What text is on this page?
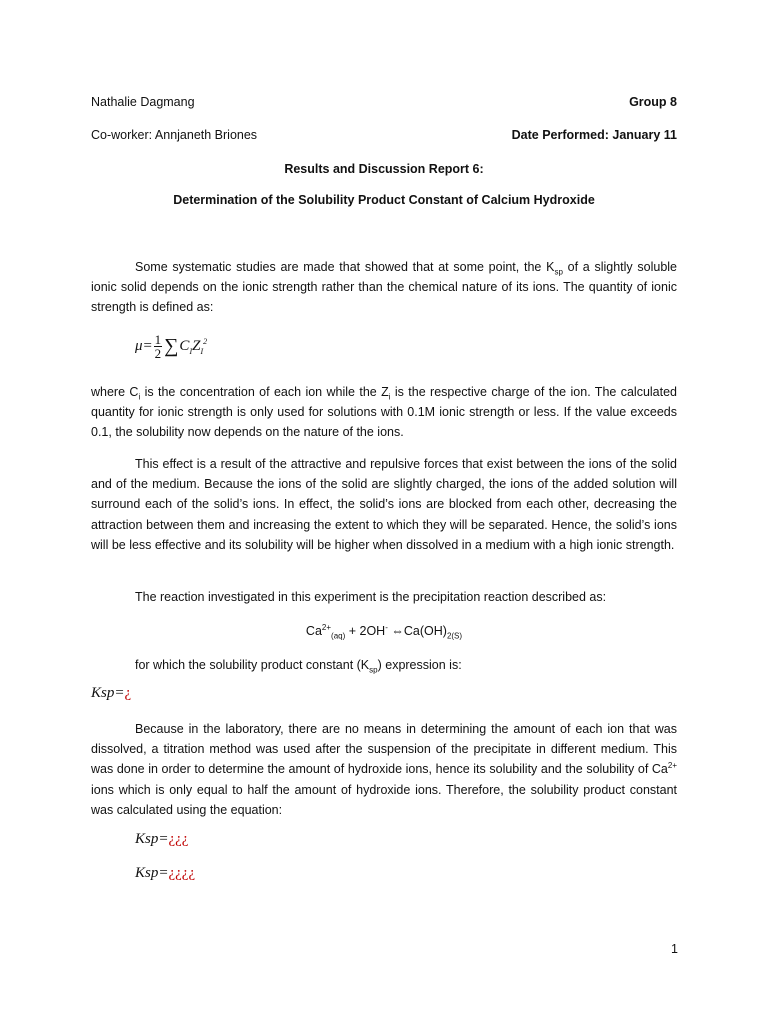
Nathalie Dagmang	Group 8
Co-worker: Annjaneth Briones	Date Performed: January 11
Results and Discussion Report 6:
Determination of the Solubility Product Constant of Calcium Hydroxide

Some systematic studies are made that showed that at some point, the $K_{sp}$ of a slightly soluble ionic solid depends on the ionic strength rather than the chemical nature of its ions. The quantity of ionic strength is defined as:

$\mu= \frac{1}{2} \sum C_IZ_I^2$

where $C_i$ is the concentration of each ion while the $Z_i$ is the respective charge of the ion. The calculated quantity for ionic strength is only used for solutions with 0.1M ionic strength or less. If the value exceeds 0.1, the solubility now depends on the nature of the ions.

This effect is a result of the attractive and repulsive forces that exist between the ions of the solid and of the medium. Because the ions of the solid are slightly charged, the ions of the added solution will surround each of the solid’s ions. In effect, the solid’s ions are blocked from each other, decreasing the attraction between them and increasing the extent to which they will be separated. Hence, the solid’s ions will be less effective and its solubility will be higher when dissolved in a medium with a high ionic strength.

The reaction investigated in this experiment is the precipitation reaction described as:

$Ca^{2+}_{(aq)} + 2OH^-$ $\Leftrightarrow Ca(OH)_{2(S)}$

for which the solubility product constant $(K_{sp})$ expression is:

Ksp=¿

Because in the laboratory, there are no means in determining the amount of each ion that was dissolved, a titration method was used after the suspension of the precipitate in different medium. This was done in order to determine the amount of hydroxide ions, hence its solubility and the solubility of $Ca^{2+}$ ions which is only equal to half the amount of hydroxide ions. Therefore, the solubility product constant was calculated using the equation:

Ksp=¿¿¿
Ksp=¿¿¿¿
1
